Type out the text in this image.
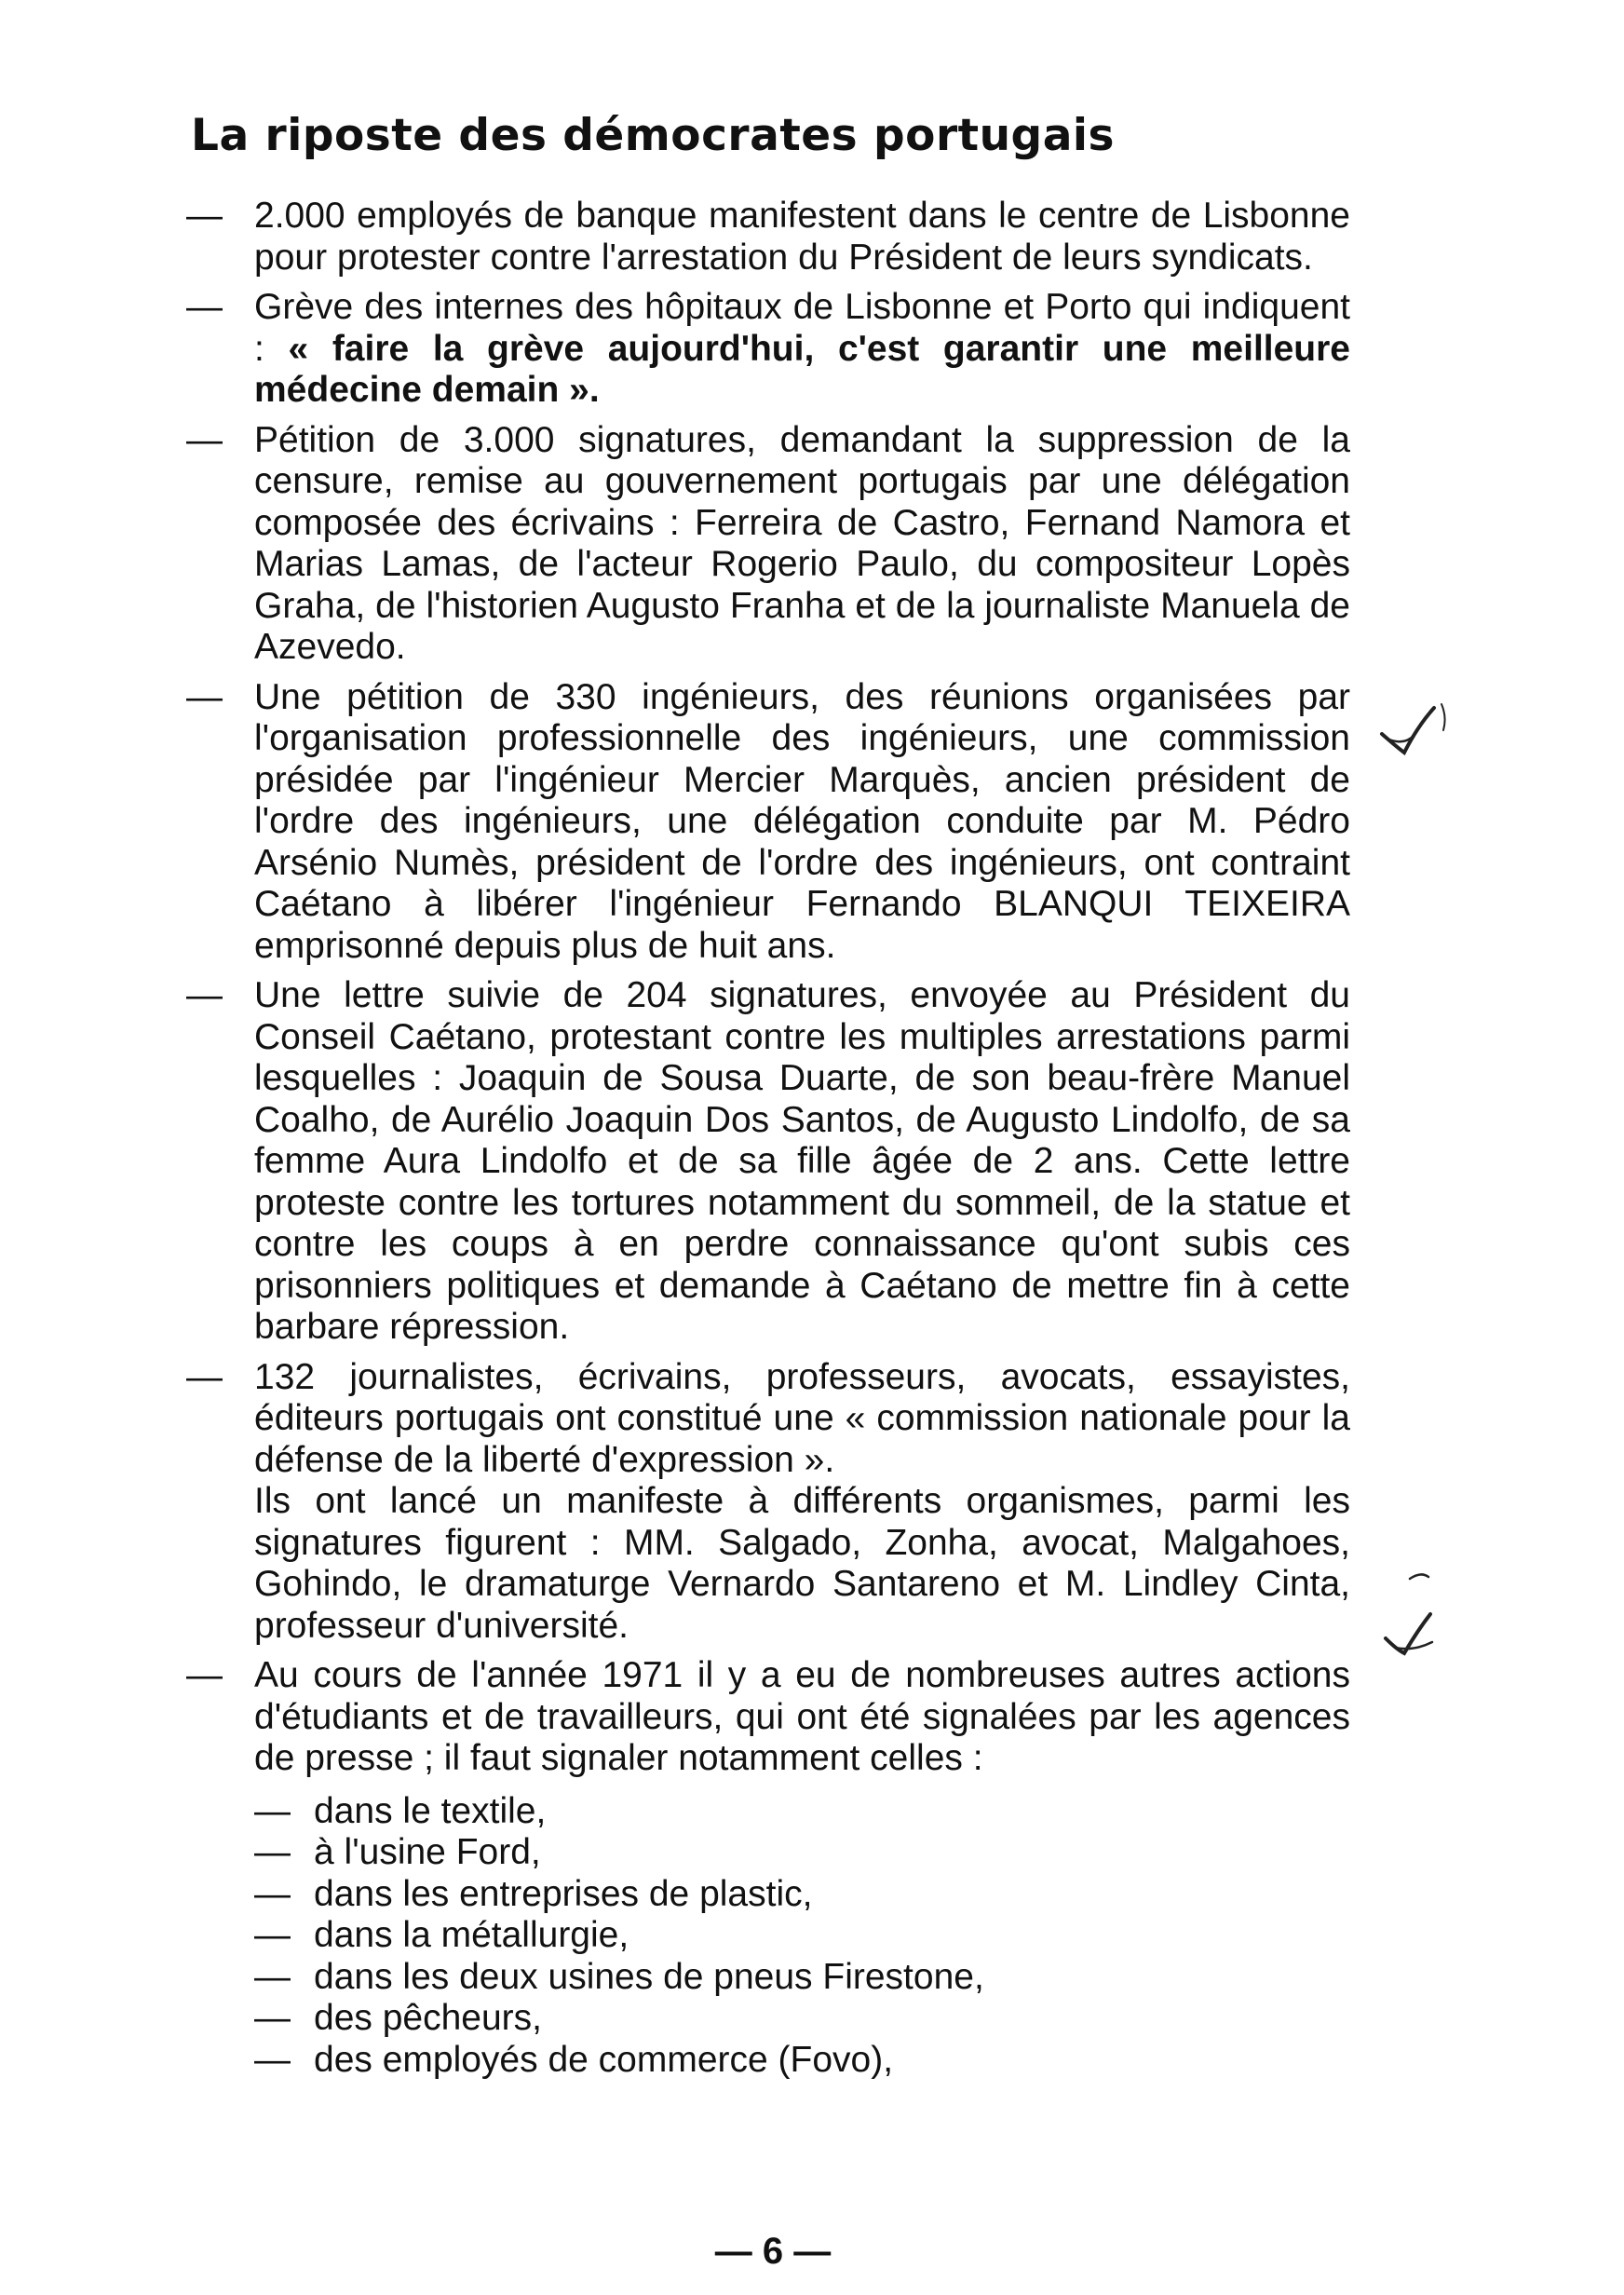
La riposte des démocrates portugais
— 2.000 employés de banque manifestent dans le centre de Lisbonne pour protester contre l'arrestation du Président de leurs syndicats.
— Grève des internes des hôpitaux de Lisbonne et Porto qui indiquent : « faire la grève aujourd'hui, c'est garantir une meilleure médecine demain ».
— Pétition de 3.000 signatures, demandant la suppression de la censure, remise au gouvernement portugais par une délégation composée des écrivains : Ferreira de Castro, Fernand Namora et Marias Lamas, de l'acteur Rogerio Paulo, du compositeur Lopès Graha, de l'historien Augusto Franha et de la journaliste Manuela de Azevedo.
— Une pétition de 330 ingénieurs, des réunions organisées par l'organisation professionnelle des ingénieurs, une commission présidée par l'ingénieur Mercier Marquès, ancien président de l'ordre des ingénieurs, une délégation conduite par M. Pédro Arsénio Numès, président de l'ordre des ingénieurs, ont contraint Caétano à libérer l'ingénieur Fernando BLANQUI TEIXEIRA emprisonné depuis plus de huit ans.
— Une lettre suivie de 204 signatures, envoyée au Président du Conseil Caétano, protestant contre les multiples arrestations parmi lesquelles : Joaquin de Sousa Duarte, de son beau-frère Manuel Coalho, de Aurélio Joaquin Dos Santos, de Augusto Lindolfo, de sa femme Aura Lindolfo et de sa fille âgée de 2 ans. Cette lettre proteste contre les tortures notamment du sommeil, de la statue et contre les coups à en perdre connaissance qu'ont subis ces prisonniers politiques et demande à Caétano de mettre fin à cette barbare répression.
— 132 journalistes, écrivains, professeurs, avocats, essayistes, éditeurs portugais ont constitué une « commission nationale pour la défense de la liberté d'expression ».
Ils ont lancé un manifeste à différents organismes, parmi les signatures figurent : MM. Salgado, Zonha, avocat, Malgahoes, Gohindo, le dramaturge Vernardo Santareno et M. Lindley Cinta, professeur d'université.
— Au cours de l'année 1971 il y a eu de nombreuses autres actions d'étudiants et de travailleurs, qui ont été signalées par les agences de presse ; il faut signaler notamment celles :
— dans le textile,
— à l'usine Ford,
— dans les entreprises de plastic,
— dans la métallurgie,
— dans les deux usines de pneus Firestone,
— des pêcheurs,
— des employés de commerce (Fovo),
— 6 —
